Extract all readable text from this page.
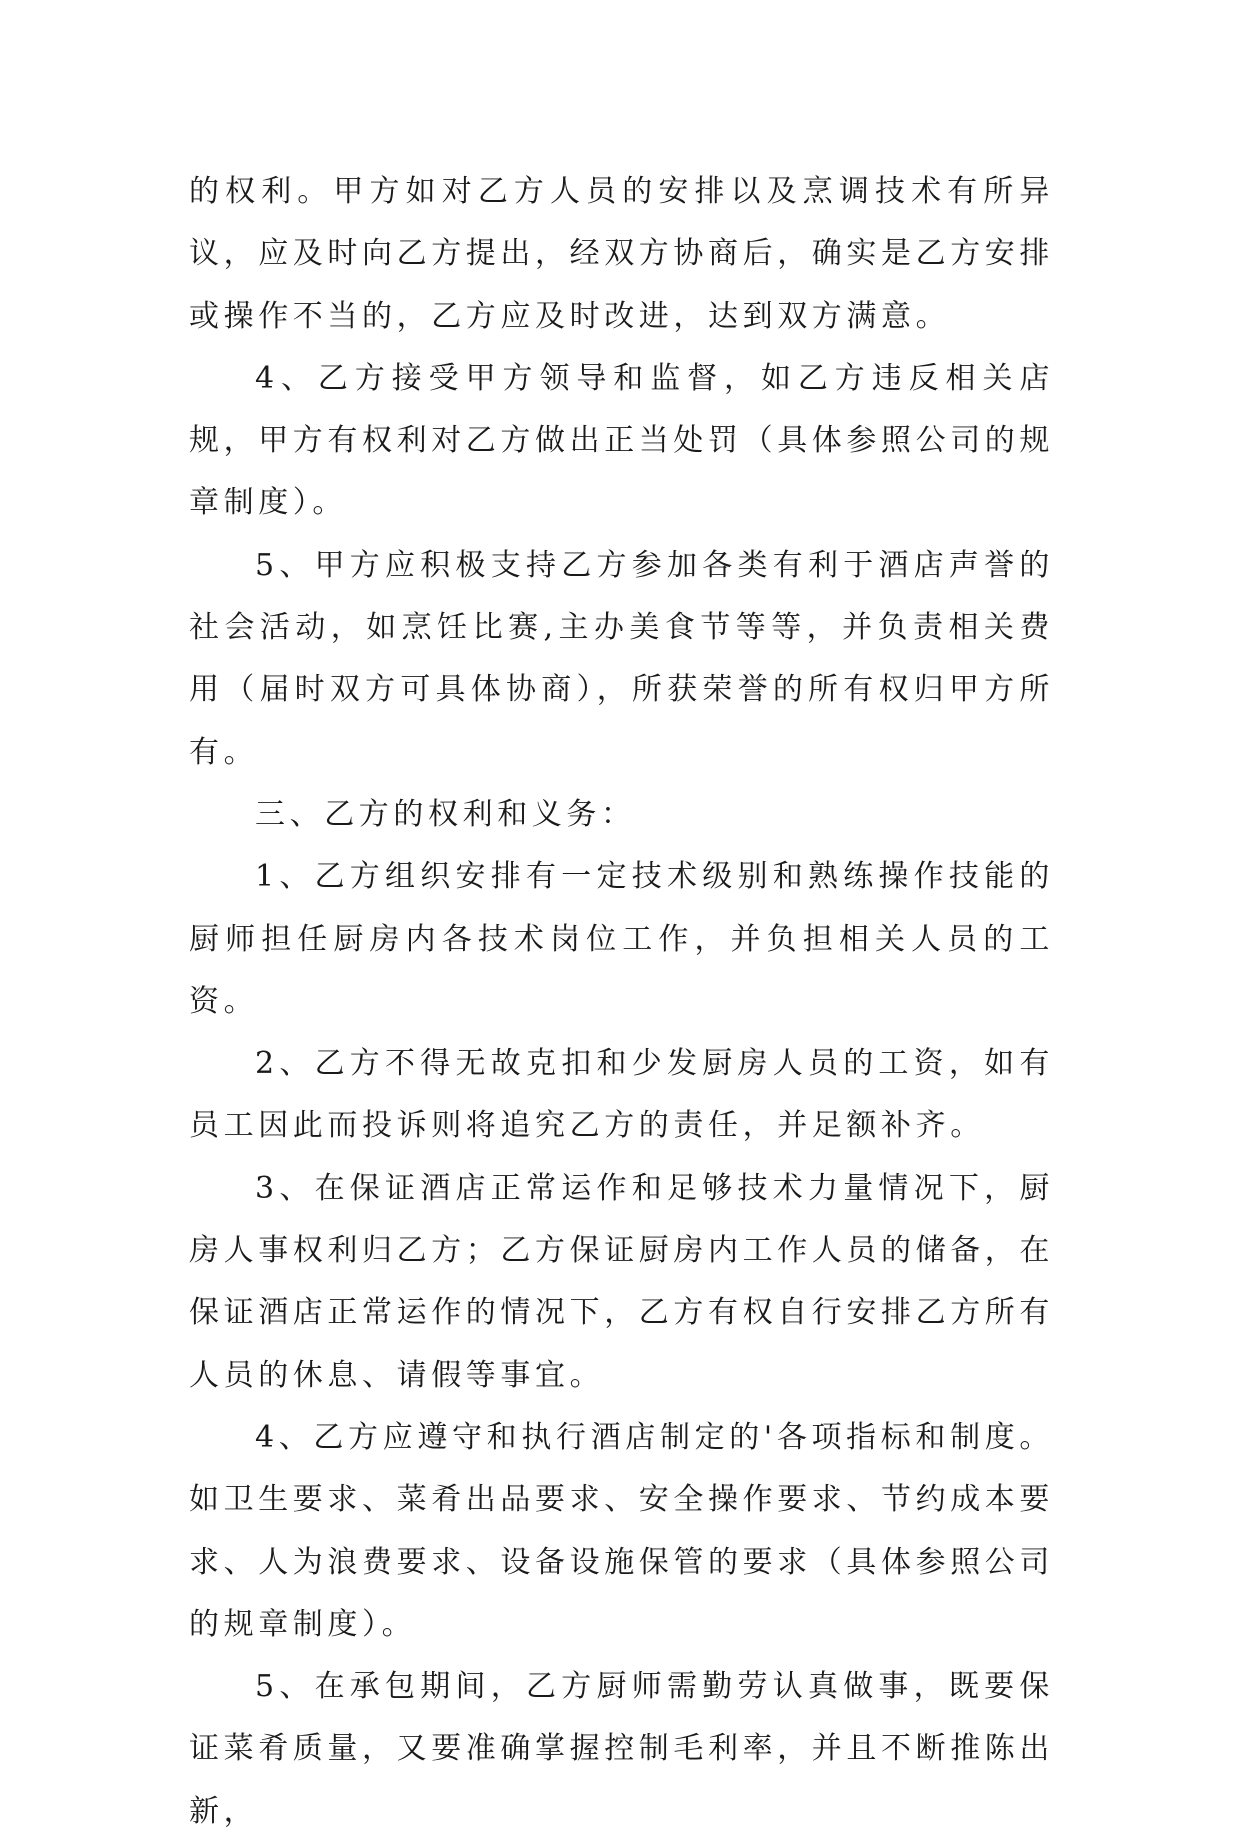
的权利。甲方如对乙方人员的安排以及烹调技术有所异议，应及时向乙方提出，经双方协商后，确实是乙方安排或操作不当的，乙方应及时改进，达到双方满意。

4、乙方接受甲方领导和监督，如乙方违反相关店规，甲方有权利对乙方做出正当处罚（具体参照公司的规章制度）。

5、甲方应积极支持乙方参加各类有利于酒店声誉的社会活动，如烹饪比赛,主办美食节等等，并负责相关费用（届时双方可具体协商），所获荣誉的所有权归甲方所有。

三、乙方的权利和义务：

1、乙方组织安排有一定技术级别和熟练操作技能的厨师担任厨房内各技术岗位工作，并负担相关人员的工资。

2、乙方不得无故克扣和少发厨房人员的工资，如有员工因此而投诉则将追究乙方的责任，并足额补齐。

3、在保证酒店正常运作和足够技术力量情况下，厨房人事权利归乙方；乙方保证厨房内工作人员的储备，在保证酒店正常运作的情况下，乙方有权自行安排乙方所有人员的休息、请假等事宜。

4、乙方应遵守和执行酒店制定的'各项指标和制度。如卫生要求、菜肴出品要求、安全操作要求、节约成本要求、人为浪费要求、设备设施保管的要求（具体参照公司的规章制度）。

5、在承包期间，乙方厨师需勤劳认真做事，既要保证菜肴质量，又要准确掌握控制毛利率，并且不断推陈出新，
